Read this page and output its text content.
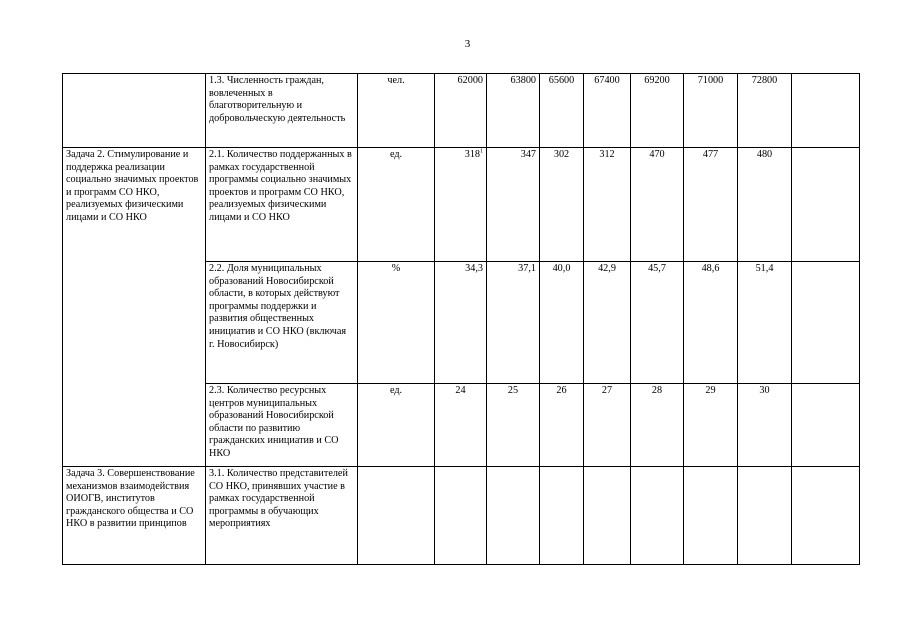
3
	1.3. Численность граждан, вовлеченных в благотворительную и добровольческую деятельность	чел.	62000	63800	65600	67400	69200	71000	72800	
Задача 2. Стимулирование и поддержка реализации социально значимых проектов и программ СО НКО, реализуемых физическими лицами и СО НКО	2.1. Количество поддержанных в рамках государственной программы социально значимых проектов и программ СО НКО, реализуемых физическими лицами и СО НКО	ед.	$318^1$	347	302	312	470	477	480	
	2.2. Доля муниципальных образований Новосибирской области, в которых действуют программы поддержки и развития общественных инициатив и СО НКО (включая г. Новосибирск)	%	34,3	37,1	40,0	42,9	45,7	48,6	51,4	
	2.3. Количество ресурсных центров муниципальных образований Новосибирской области по развитию гражданских инициатив и СО НКО	ед.	24	25	26	27	28	29	30	
Задача 3. Совершенствование механизмов взаимодействия ОИОГВ, институтов гражданского общества и СО НКО в развитии принципов	3.1. Количество представителей СО НКО, принявших участие в рамках государственной программы в обучающих мероприятиях									
